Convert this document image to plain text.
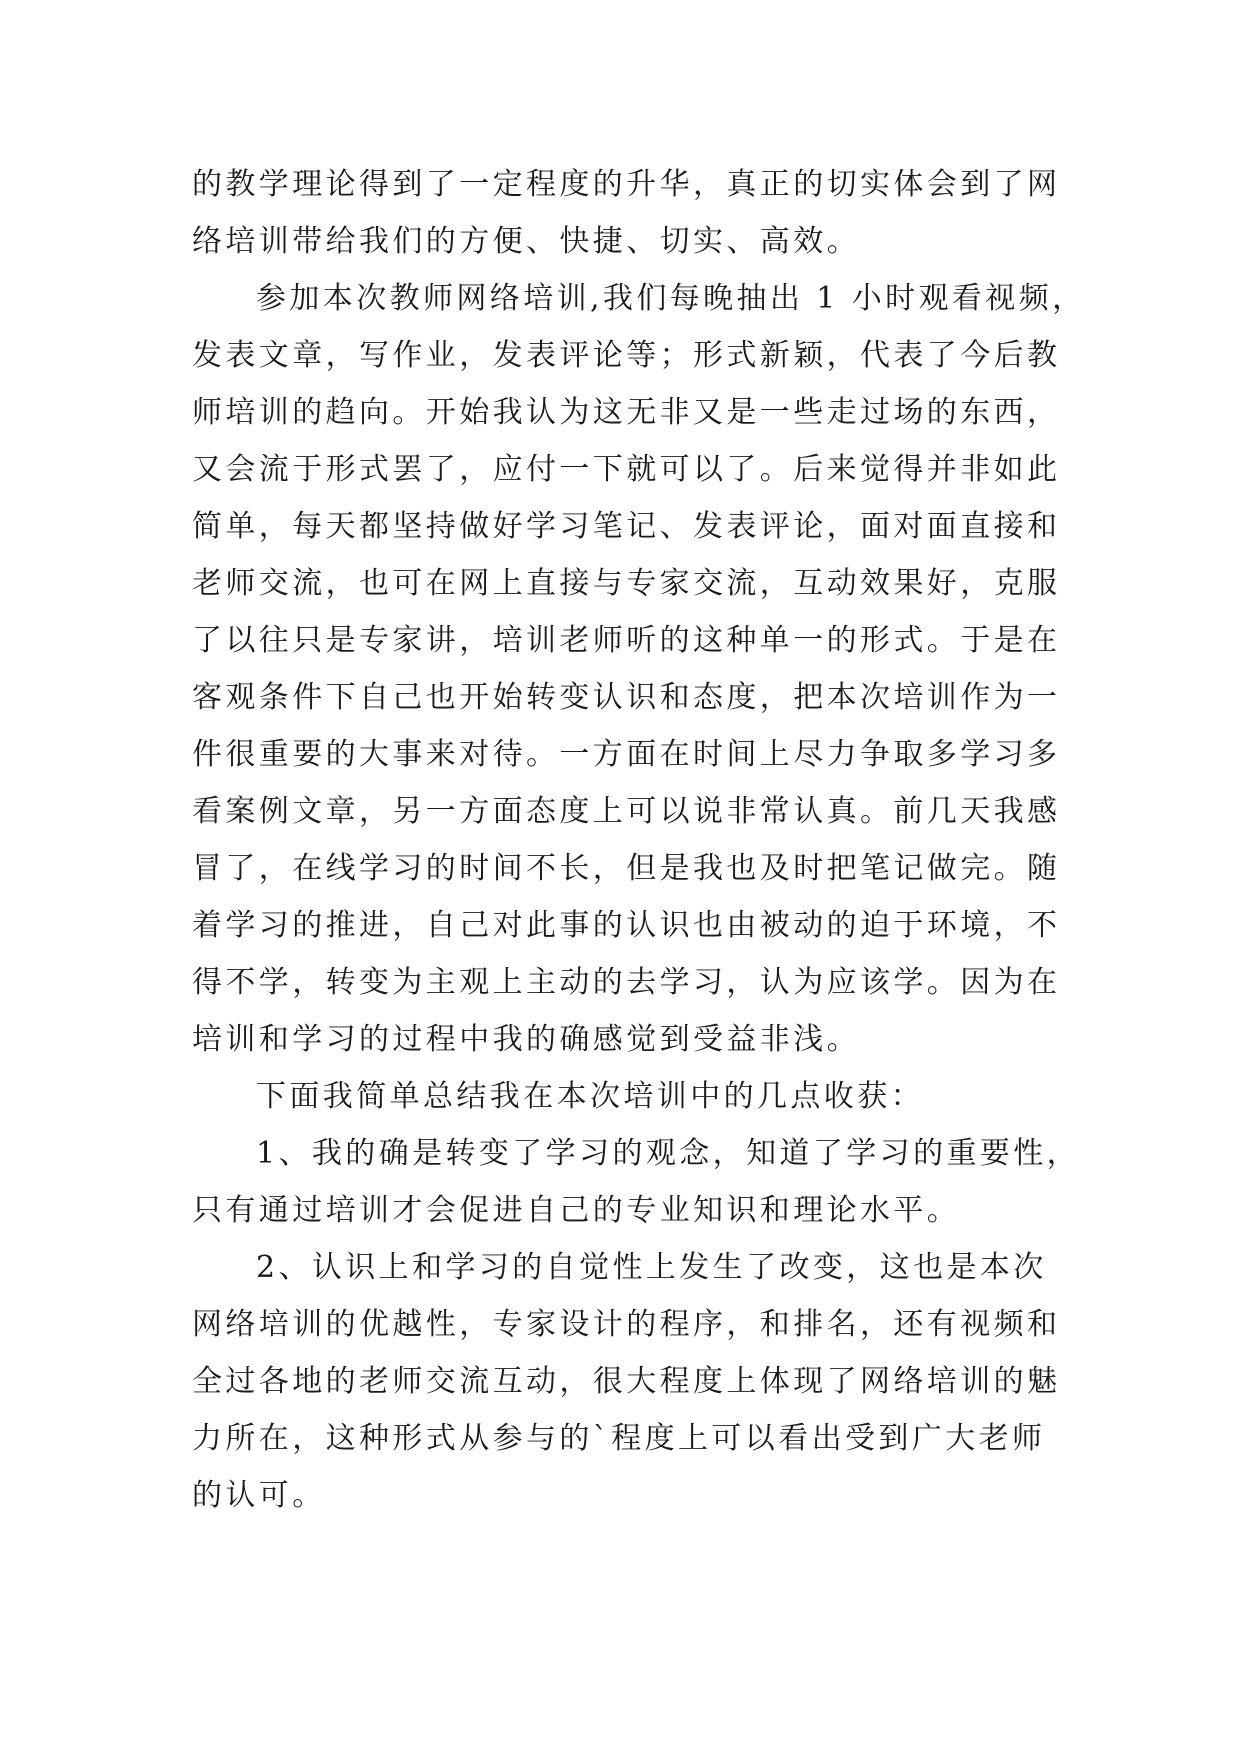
的教学理论得到了一定程度的升华，真正的切实体会到了网
络培训带给我们的方便、快捷、切实、高效。
参加本次教师网络培训,我们每晚抽出 1 小时观看视频，
发表文章，写作业，发表评论等；形式新颖，代表了今后教
师培训的趋向。开始我认为这无非又是一些走过场的东西，
又会流于形式罢了，应付一下就可以了。后来觉得并非如此
简单，每天都坚持做好学习笔记、发表评论，面对面直接和
老师交流，也可在网上直接与专家交流，互动效果好，克服
了以往只是专家讲，培训老师听的这种单一的形式。于是在
客观条件下自己也开始转变认识和态度，把本次培训作为一
件很重要的大事来对待。一方面在时间上尽力争取多学习多
看案例文章，另一方面态度上可以说非常认真。前几天我感
冒了，在线学习的时间不长，但是我也及时把笔记做完。随
着学习的推进，自己对此事的认识也由被动的迫于环境，不
得不学，转变为主观上主动的去学习，认为应该学。因为在
培训和学习的过程中我的确感觉到受益非浅。
下面我简单总结我在本次培训中的几点收获：
1、我的确是转变了学习的观念，知道了学习的重要性，
只有通过培训才会促进自己的专业知识和理论水平。
2、认识上和学习的自觉性上发生了改变，这也是本次
网络培训的优越性，专家设计的程序，和排名，还有视频和
全过各地的老师交流互动，很大程度上体现了网络培训的魅
力所在，这种形式从参与的`程度上可以看出受到广大老师
的认可。
